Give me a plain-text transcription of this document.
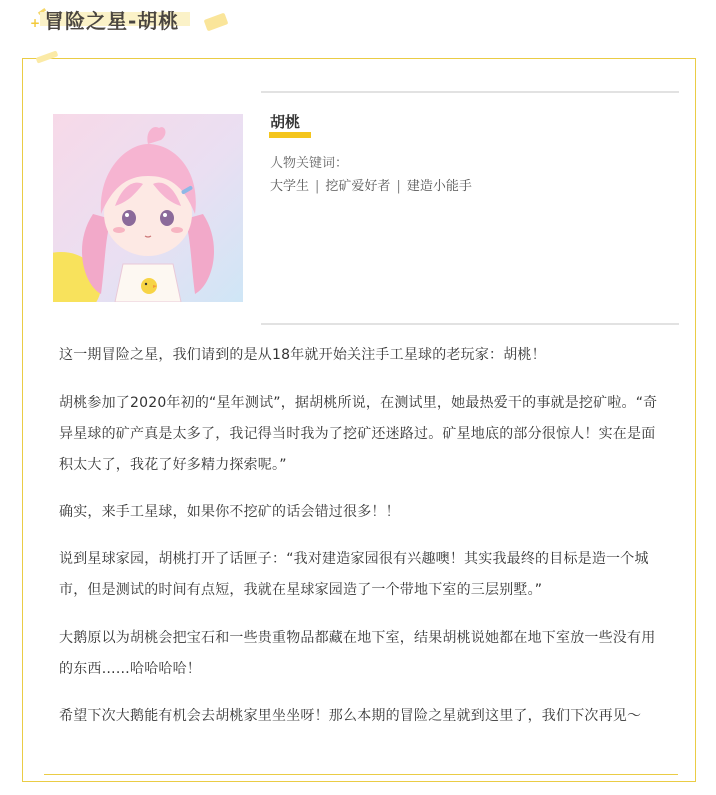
+ 冒险之星-胡桃
胡桃
人物关键词：
大学生 | 挖矿爱好者 | 建造小能手

这一期冒险之星，我们请到的是从18年就开始关注手工星球的老玩家：胡桃！

胡桃参加了2020年初的“星年测试”，据胡桃所说，在测试里，她最热爱干的事就是挖矿啦。“奇异星球的矿产真是太多了，我记得当时我为了挖矿还迷路过。矿星地底的部分很惊人！实在是面积太大了，我花了好多精力探索呢。”

确实，来手工星球，如果你不挖矿的话会错过很多！！

说到星球家园，胡桃打开了话匣子：“我对建造家园很有兴趣噢！其实我最终的目标是造一个城市，但是测试的时间有点短，我就在星球家园造了一个带地下室的三层别墅。”

大鹅原以为胡桃会把宝石和一些贵重物品都藏在地下室，结果胡桃说她都在地下室放一些没有用的东西……哈哈哈哈！

希望下次大鹅能有机会去胡桃家里坐坐呀！那么本期的冒险之星就到这里了，我们下次再见～
